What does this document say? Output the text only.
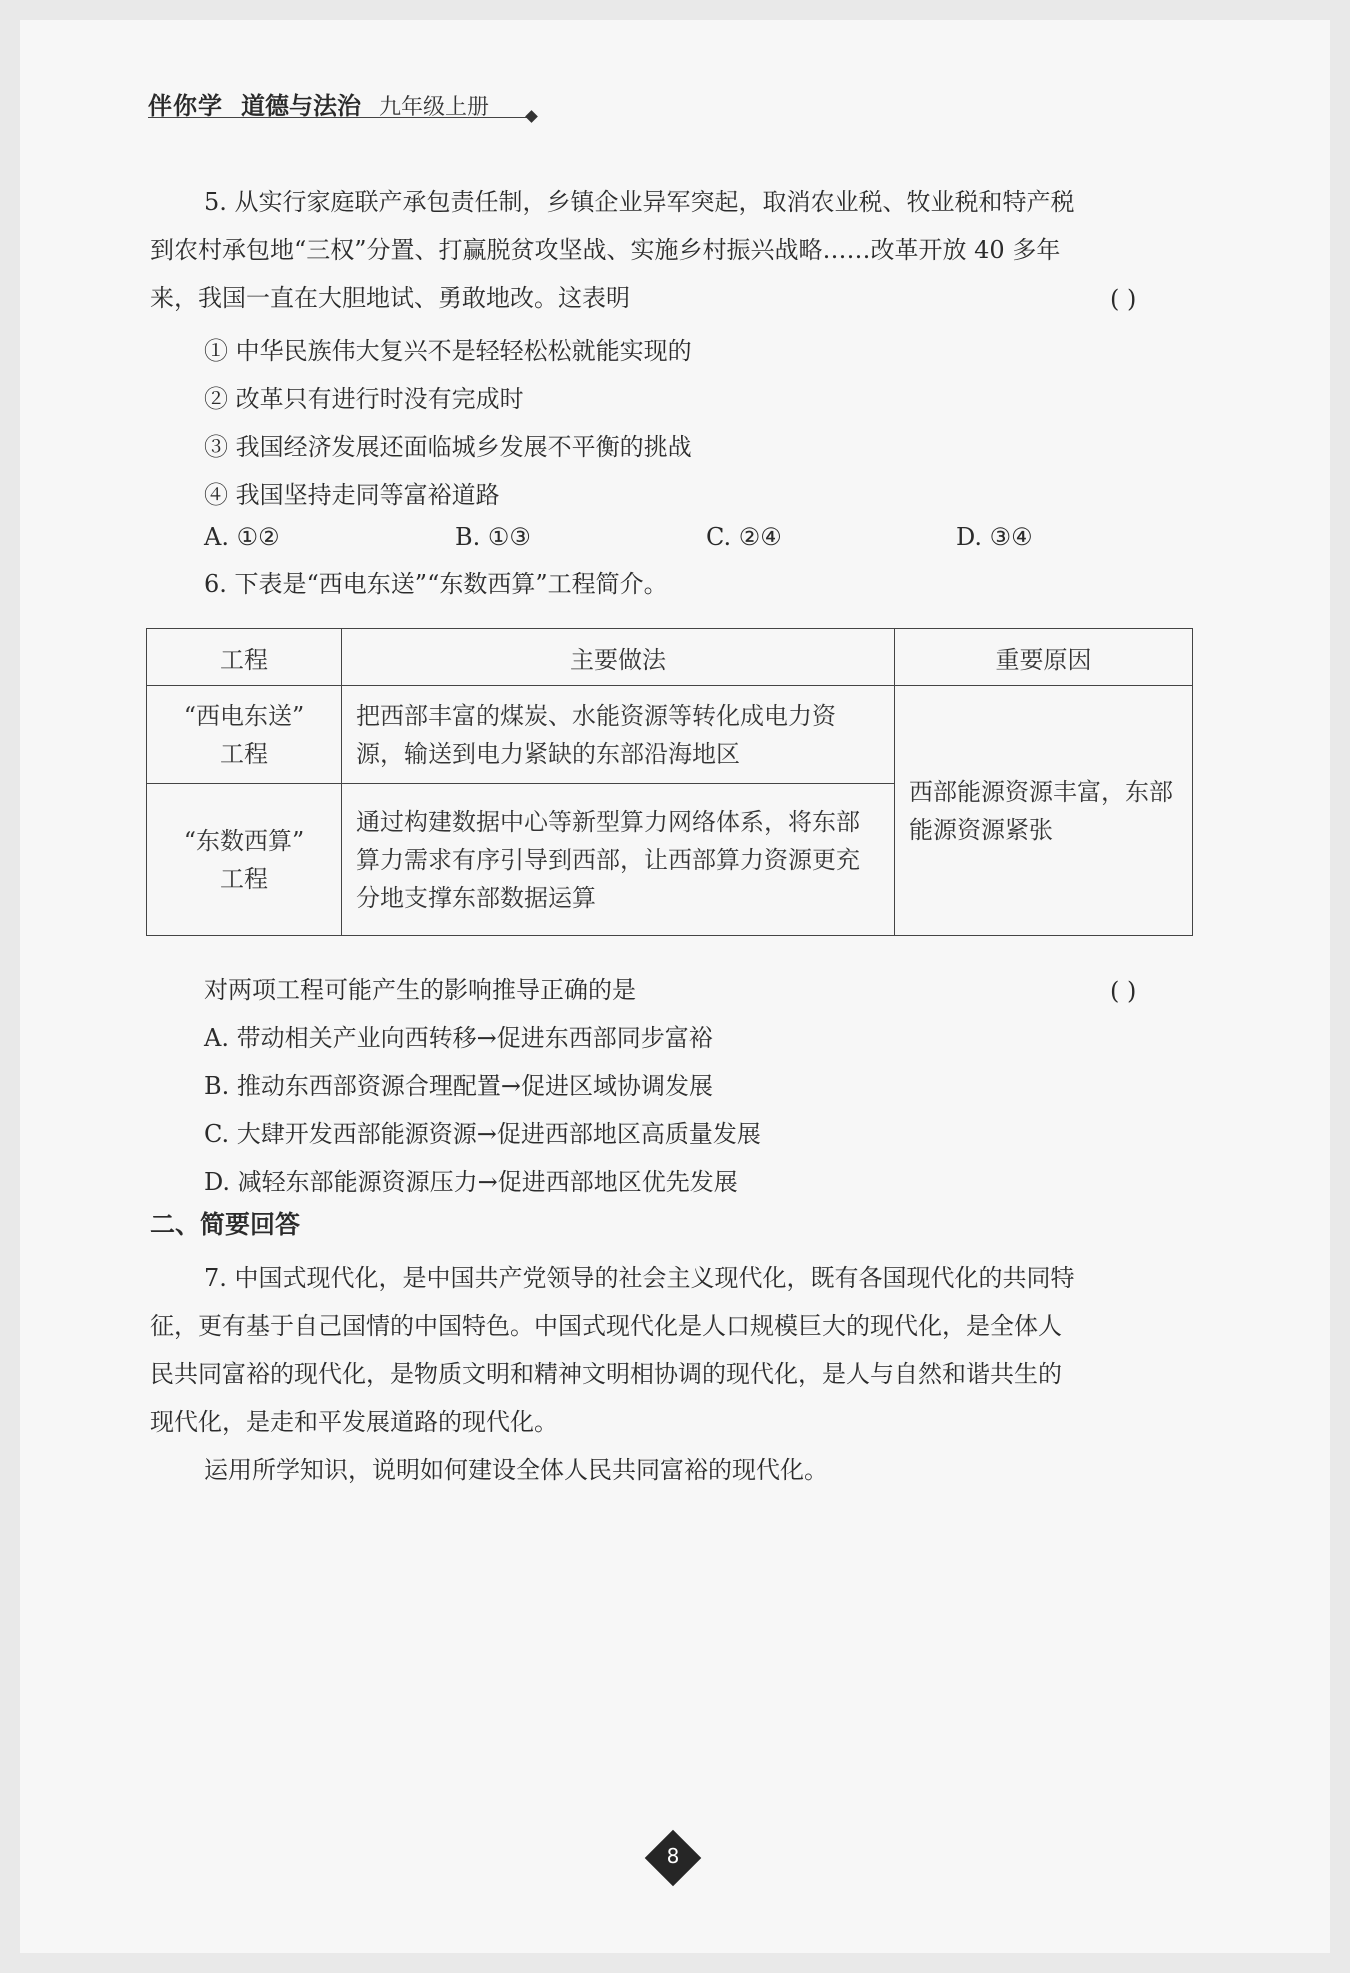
伴你学 道德与法治 九年级上册
5. 从实行家庭联产承包责任制，乡镇企业异军突起，取消农业税、牧业税和特产税
到农村承包地“三权”分置、打赢脱贫攻坚战、实施乡村振兴战略……改革开放 40 多年
来，我国一直在大胆地试、勇敢地改。这表明	( )
① 中华民族伟大复兴不是轻轻松松就能实现的
② 改革只有进行时没有完成时
③ 我国经济发展还面临城乡发展不平衡的挑战
④ 我国坚持走同等富裕道路
A. ①②	B. ①③	C. ②④	D. ③④
6. 下表是“西电东送”“东数西算”工程简介。
工程	主要做法	重要原因

“西电东送”
工程	把西部丰富的煤炭、水能资源等转化成电力资源，输送到电力紧缺的东部沿海地区	西部能源资源丰富，东部能源资源紧张

“东数西算”
工程	通过构建数据中心等新型算力网络体系，将东部算力需求有序引导到西部，让西部算力资源更充分地支撑东部数据运算	
对两项工程可能产生的影响推导正确的是	( )
A. 带动相关产业向西转移→促进东西部同步富裕
B. 推动东西部资源合理配置→促进区域协调发展
C. 大肆开发西部能源资源→促进西部地区高质量发展
D. 减轻东部能源资源压力→促进西部地区优先发展
二、简要回答
7. 中国式现代化，是中国共产党领导的社会主义现代化，既有各国现代化的共同特
征，更有基于自己国情的中国特色。中国式现代化是人口规模巨大的现代化，是全体人
民共同富裕的现代化，是物质文明和精神文明相协调的现代化，是人与自然和谐共生的
现代化，是走和平发展道路的现代化。
运用所学知识，说明如何建设全体人民共同富裕的现代化。
8
